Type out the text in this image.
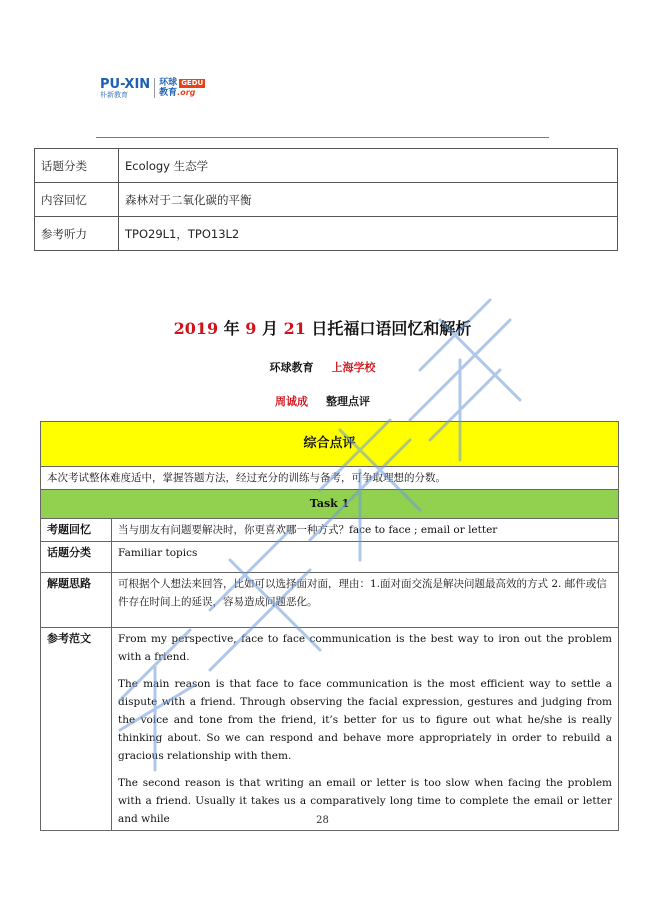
PU-XIN
朴新教育
环球 GEDU
教育.org
话题分类	Ecology 生态学
内容回忆	森林对于二氧化碳的平衡
参考听力	TPO29L1，TPO13L2
2019 年 9 月 21 日托福口语回忆和解析
环球教育 上海学校
周诚成 整理点评
综合点评	
本次考试整体难度适中，掌握答题方法，经过充分的训练与备考，可争取理想的分数。	
Task 1	
考题回忆	当与朋友有问题要解决时，你更喜欢哪一种方式？face to face ; email or letter
话题分类	Familiar topics
解题思路	可根据个人想法来回答，比如可以选择面对面，理由：1.面对面交流是解决问题最高效的方式 2. 邮件或信件存在时间上的延误，容易造成问题恶化。
参考范文	From my perspective, face to face communication is the best way to iron out the problem with a friend.

The main reason is that face to face communication is the most efficient way to settle a dispute with a friend. Through observing the facial expression, gestures and judging from the voice and tone from the friend, it’s better for us to figure out what he/she is really thinking about. So we can respond and behave more appropriately in order to rebuild a gracious relationship with them.

The second reason is that writing an email or letter is too slow when facing the problem with a friend. Usually it takes us a comparatively long time to complete the email or letter and while	28
